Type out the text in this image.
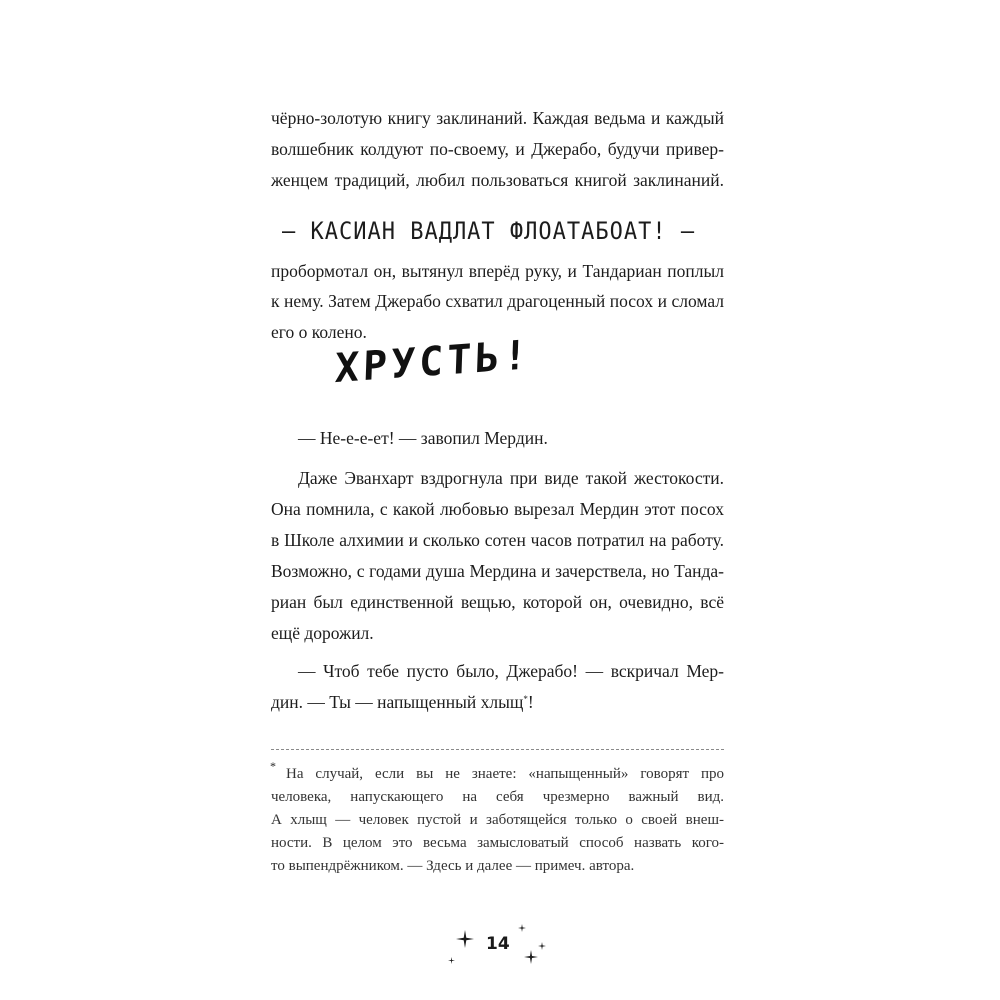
чёрно-золотую книгу заклинаний. Каждая ведьма и каждый
волшебник колдуют по-своему, и Джерабо, будучи привер-
женцем традиций, любил пользоваться книгой заклинаний.
— КАСИАН ВАДЛАТ ФЛОАТАБОАТ! —
пробормотал он, вытянул вперёд руку, и Тандариан поплыл
к нему. Затем Джерабо схватил драгоценный посох и сломал
его о колено.
ХРУСТЬ!
— Не-е-е-ет! — завопил Мердин.
Даже Эванхарт вздрогнула при виде такой жестокости.
Она помнила, с какой любовью вырезал Мердин этот посох
в Школе алхимии и сколько сотен часов потратил на работу.
Возможно, с годами душа Мердина и зачерствела, но Танда-
риан был единственной вещью, которой он, очевидно, всё
ещё дорожил.
— Чтоб тебе пусто было, Джерабо! — вскричал Мер-
дин. — Ты — напыщенный хлыщ*!
* На случай, если вы не знаете: «напыщенный» говорят про
человека, напускающего на себя чрезмерно важный вид.
А хлыщ — человек пустой и заботящейся только о своей внеш-
ности. В целом это весьма замысловатый способ назвать кого-
то выпендрёжником. — Здесь и далее — примеч. автора.
14
